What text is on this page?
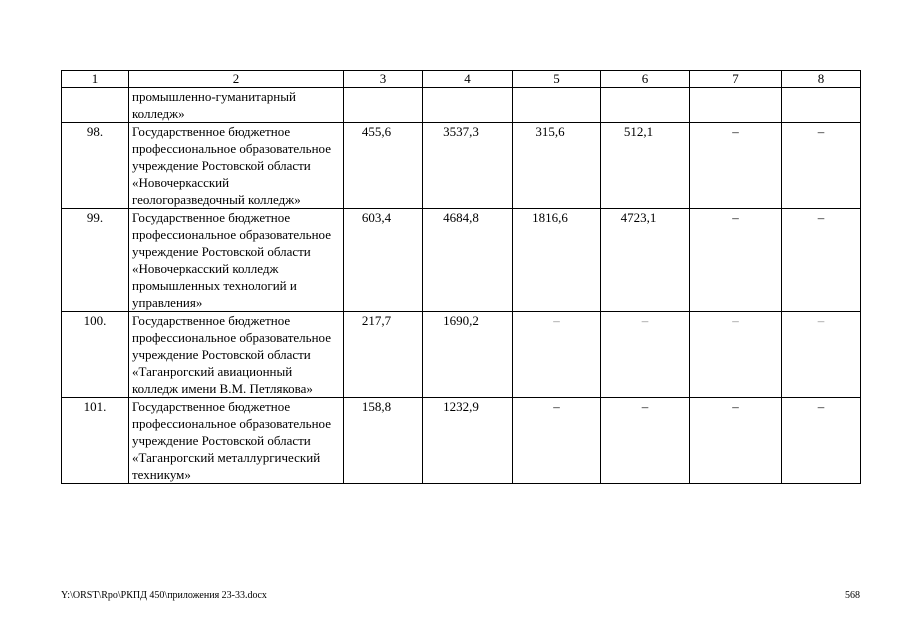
1	2	3	4	5	6	7	8
	промышленно-гуманитарный колледж»						
98.	Государственное бюджетное профессиональное образовательное учреждение Ростовской области «Новочеркасский геологоразведочный колледж»	455,6	3537,3	315,6	512,1	–	–
99.	Государственное бюджетное профессиональное образовательное учреждение Ростовской области «Новочеркасский колледж промышленных технологий и управления»	603,4	4684,8	1816,6	4723,1	–	–
100.	Государственное бюджетное профессиональное образовательное учреждение Ростовской области «Таганрогский авиационный колледж имени В.М. Петлякова»	217,7	1690,2	–	–	–	–
101.	Государственное бюджетное профессиональное образовательное учреждение Ростовской области «Таганрогский металлургический техникум»	158,8	1232,9	–	–	–	–
Y:\ORST\Rpo\РКПД 450\приложения 23-33.docx	568
